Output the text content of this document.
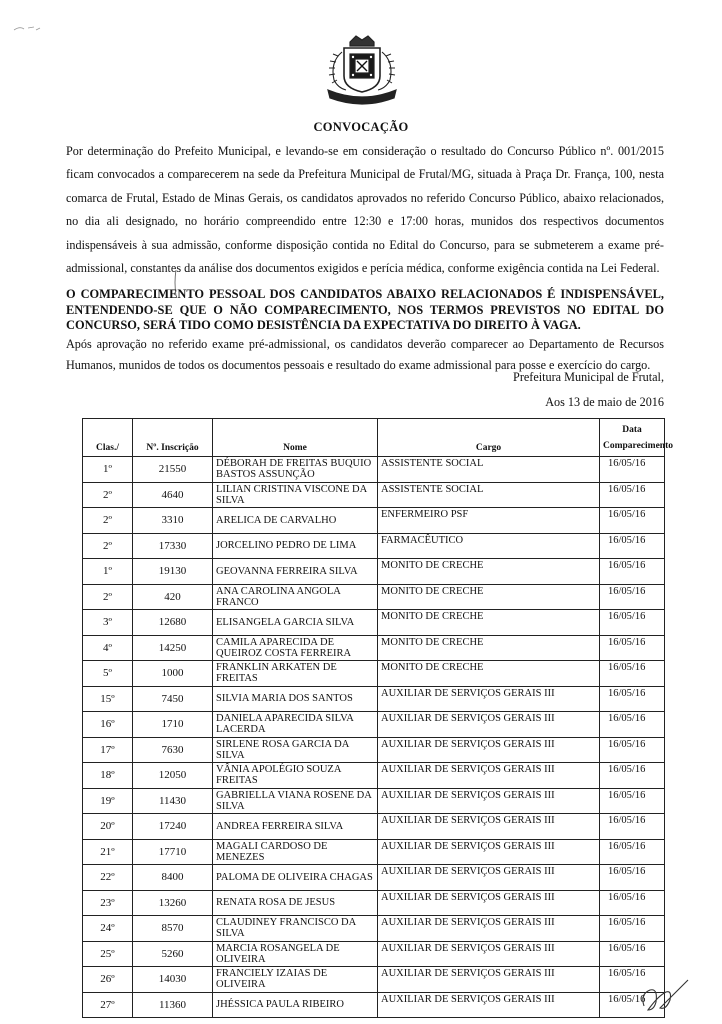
CONVOCAÇÃO
Por determinação do Prefeito Municipal, e levando-se em consideração o resultado do Concurso Público nº. 001/2015 ficam convocados a comparecerem na sede da Prefeitura Municipal de Frutal/MG, situada à Praça Dr. França, 100, nesta comarca de Frutal, Estado de Minas Gerais, os candidatos aprovados no referido Concurso Público, abaixo relacionados, no dia ali designado, no horário compreendido entre 12:30 e 17:00 horas, munidos dos respectivos documentos indispensáveis à sua admissão, conforme disposição contida no Edital do Concurso, para se submeterem a exame pré-admissional, constantes da análise dos documentos exigidos e perícia médica, conforme exigência contida na Lei Federal.
O COMPARECIMENTO PESSOAL DOS CANDIDATOS ABAIXO RELACIONADOS É INDISPENSÁVEL, ENTENDENDO-SE QUE O NÃO COMPARECIMENTO, NOS TERMOS PREVISTOS NO EDITAL DO CONCURSO, SERÁ TIDO COMO DESISTÊNCIA DA EXPECTATIVA DO DIREITO À VAGA.
Após aprovação no referido exame pré-admissional, os candidatos deverão comparecer ao Departamento de Recursos Humanos, munidos de todos os documentos pessoais e resultado do exame admissional para posse e exercício do cargo.
Prefeitura Municipal de Frutal,
Aos 13 de maio de 2016
Clas./	Nº. Inscrição	Nome	Cargo	Data
Comparecimento

1º	21550	DÉBORAH DE FREITAS BUQUIO BASTOS ASSUNÇÃO	ASSISTENTE SOCIAL	16/05/16
2º	4640	LILIAN CRISTINA VISCONE DA SILVA	ASSISTENTE SOCIAL	16/05/16
2º	3310	ARELICA DE CARVALHO	ENFERMEIRO PSF	16/05/16
2º	17330	JORCELINO PEDRO DE LIMA	FARMACÊUTICO	16/05/16
1º	19130	GEOVANNA FERREIRA SILVA	MONITO DE CRECHE	16/05/16
2º	420	ANA CAROLINA ANGOLA FRANCO	MONITO DE CRECHE	16/05/16
3º	12680	ELISANGELA GARCIA SILVA	MONITO DE CRECHE	16/05/16
4º	14250	CAMILA APARECIDA DE QUEIROZ COSTA FERREIRA	MONITO DE CRECHE	16/05/16
5º	1000	FRANKLIN ARKATEN DE FREITAS	MONITO DE CRECHE	16/05/16
15º	7450	SILVIA MARIA DOS SANTOS	AUXILIAR DE SERVIÇOS GERAIS III	16/05/16
16º	1710	DANIELA APARECIDA SILVA LACERDA	AUXILIAR DE SERVIÇOS GERAIS III	16/05/16
17º	7630	SIRLENE ROSA GARCIA DA SILVA	AUXILIAR DE SERVIÇOS GERAIS III	16/05/16
18º	12050	VÂNIA APOLÉGIO SOUZA FREITAS	AUXILIAR DE SERVIÇOS GERAIS III	16/05/16
19º	11430	GABRIELLA VIANA ROSENE DA SILVA	AUXILIAR DE SERVIÇOS GERAIS III	16/05/16
20º	17240	ANDREA FERREIRA SILVA	AUXILIAR DE SERVIÇOS GERAIS III	16/05/16
21º	17710	MAGALI CARDOSO DE MENEZES	AUXILIAR DE SERVIÇOS GERAIS III	16/05/16
22º	8400	PALOMA DE OLIVEIRA CHAGAS	AUXILIAR DE SERVIÇOS GERAIS III	16/05/16
23º	13260	RENATA ROSA DE JESUS	AUXILIAR DE SERVIÇOS GERAIS III	16/05/16
24º	8570	CLAUDINEY FRANCISCO DA SILVA	AUXILIAR DE SERVIÇOS GERAIS III	16/05/16
25º	5260	MARCIA ROSANGELA DE OLIVEIRA	AUXILIAR DE SERVIÇOS GERAIS III	16/05/16
26º	14030	FRANCIELY IZAIAS DE OLIVEIRA	AUXILIAR DE SERVIÇOS GERAIS III	16/05/16
27º	11360	JHÉSSICA PAULA RIBEIRO	AUXILIAR DE SERVIÇOS GERAIS III	16/05/16
